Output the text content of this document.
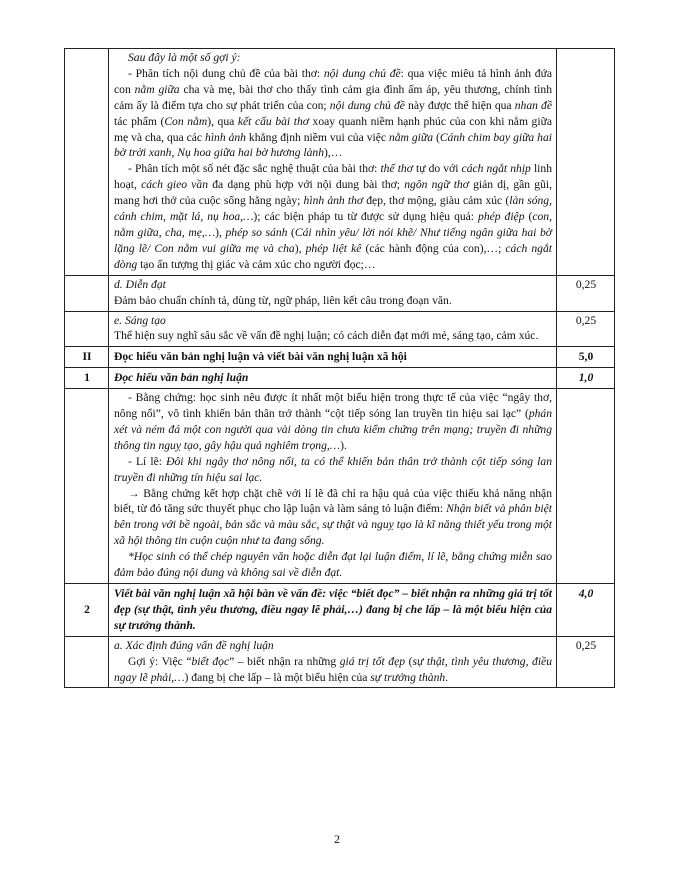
	Sau đây là một số gợi ý:

- Phân tích nội dung chủ đề của bài thơ: nội dung chủ đề: qua việc miêu tả hình ảnh đứa con nằm giữa cha và mẹ, bài thơ cho thấy tình cảm gia đình ấm áp, yêu thương, chính tình cảm ấy là điểm tựa cho sự phát triển của con; nội dung chủ đề này được thể hiện qua nhan đề tác phẩm (Con nằm), qua kết cấu bài thơ xoay quanh niềm hạnh phúc của con khi nằm giữa mẹ và cha, qua các hình ảnh khẳng định niềm vui của việc nằm giữa (Cánh chim bay giữa hai bờ trời xanh, Nụ hoa giữa hai bờ hương lành),…

- Phân tích một số nét đặc sắc nghệ thuật của bài thơ: thể thơ tự do với cách ngắt nhịp linh hoạt, cách gieo vần đa dạng phù hợp với nội dung bài thơ; ngôn ngữ thơ giản dị, gần gũi, mang hơi thở của cuộc sống hằng ngày; hình ảnh thơ đẹp, thơ mộng, giàu cảm xúc (làn sóng, cánh chim, mặt lá, nụ hoa,…); các biện pháp tu từ được sử dụng hiệu quả: phép điệp (con, nằm giữa, cha, mẹ,…), phép so sánh (Cái nhìn yêu/ lời nói khẽ/ Như tiếng ngân giữa hai bờ lặng lẽ/ Con nằm vui giữa mẹ và cha), phép liệt kê (các hành động của con),…; cách ngắt dòng tạo ấn tượng thị giác và cảm xúc cho người đọc;…	

	d. Diễn đạt

Đảm bảo chuẩn chính tả, dùng từ, ngữ pháp, liên kết câu trong đoạn văn.	0,25

	e. Sáng tạo

Thể hiện suy nghĩ sâu sắc về vấn đề nghị luận; có cách diễn đạt mới mẻ, sáng tạo, cảm xúc.	0,25
II	Đọc hiểu văn bản nghị luận và viết bài văn nghị luận xã hội	5,0
1	Đọc hiểu văn bản nghị luận	1,0

	- Bằng chứng: học sinh nêu được ít nhất một biểu hiện trong thực tế của việc “ngây thơ, nông nổi”, vô tình khiến bản thân trở thành “cột tiếp sóng lan truyền tin hiệu sai lạc” (phán xét và ném đá một con người qua vài dòng tin chưa kiểm chứng trên mạng; truyền đi những thông tin nguỵ tạo, gây hậu quả nghiêm trọng,…).

- Lí lẽ: Đôi khi ngây thơ nông nổi, ta có thể khiến bản thân trở thành cột tiếp sóng lan truyền đi những tín hiệu sai lạc.

→ Bằng chứng kết hợp chặt chẽ với lí lẽ đã chỉ ra hậu quả của việc thiếu khả năng nhận biết, từ đó tăng sức thuyết phục cho lập luận và làm sáng tỏ luận điểm: Nhận biết và phân biệt bên trong với bề ngoài, bản sắc và màu sắc, sự thật và nguỵ tạo là kĩ năng thiết yếu trong một xã hội thông tin cuộn cuộn như ta đang sống.

*Học sinh có thể chép nguyên văn hoặc diễn đạt lại luận điểm, lí lẽ, bằng chứng miễn sao đảm bảo đúng nội dung và không sai về diễn đạt.	

2	Viết bài văn nghị luận xã hội bàn về vấn đề: việc “biết đọc” – biết nhận ra những giá trị tốt đẹp (sự thật, tình yêu thương, điều ngay lẽ phải,…) đang bị che lấp – là một biểu hiện của sự trưởng thành.	4,0

	a. Xác định đúng vấn đề nghị luận

Gợi ý: Việc “biết đọc” – biết nhận ra những giá trị tốt đẹp (sự thật, tình yêu thương, điều ngay lẽ phải,…) đang bị che lấp – là một biểu hiện của sự trưởng thành.	0,25
2
